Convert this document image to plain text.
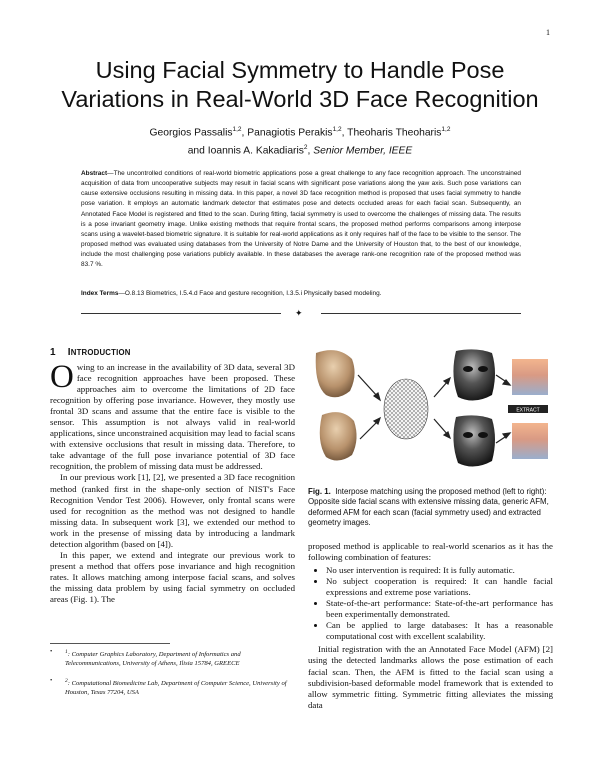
1
Using Facial Symmetry to Handle Pose
Variations in Real-World 3D Face Recognition
Georgios Passalis$^{1,2}$, Panagiotis Perakis$^{1,2}$, Theoharis Theoharis$^{1,2}$
and Ioannis A. Kakadiaris$^2$, Senior Member, IEEE
Abstract—The uncontrolled conditions of real-world biometric applications pose a great challenge to any face recognition approach. The unconstrained acquisition of data from uncooperative subjects may result in facial scans with significant pose variations along the yaw axis. Such pose variations can cause extensive occlusions resulting in missing data. In this paper, a novel 3D face recognition method is proposed that uses facial symmetry to handle pose variation. It employs an automatic landmark detector that estimates pose and detects occluded areas for each facial scan. Subsequently, an Annotated Face Model is registered and fitted to the scan. During fitting, facial symmetry is used to overcome the challenges of missing data. The results is a pose invariant geometry image. Unlike existing methods that require frontal scans, the proposed method performs comparisons among interpose scans using a wavelet-based biometric signature. It is suitable for real-world applications as it only requires half of the face to be visible to the sensor. The proposed method was evaluated using databases from the University of Notre Dame and the University of Houston that, to the best of our knowledge, include the most challenging pose variations publicly available. In these databases the average rank-one recognition rate of the proposed method was 83.7 %.
Index Terms—O.8.13 Biometrics, I.5.4.d Face and gesture recognition, I.3.5.i Physically based modeling.
✦
1 INTRODUCTION

Owing to an increase in the availability of 3D data, several 3D face recognition approaches have been proposed. These approaches aim to overcome the limitations of 2D face recognition by offering pose invariance. However, they mostly use frontal 3D scans and assume that the entire face is visible to the sensor. This assumption is not always valid in real-world applications, since unconstrained acquisition may lead to facial scans with extensive occlusions that result in missing data. Therefore, to take advantage of the full pose invariance potential of 3D face recognition, the problem of missing data must be addressed.

In our previous work [1], [2], we presented a 3D face recognition method (ranked first in the shape-only section of NIST's Face Recognition Vendor Test 2006). However, only frontal scans were used for recognition as the method was not designed to handle missing data. In subsequent work [3], we extended our method to work in the presense of missing data by introducing a landmark detection algorithm (based on [4]).

In this paper, we extend and integrate our previous work to present a method that offers pose invariance and high recognition rates. It allows matching among interpose facial scans, and solves the missing data problem by using facial symmetry on occluded areas (Fig. 1). The

• $^1$: Computer Graphics Laboratory, Department of Informatics and Telecommunications, University of Athens, Ilisia 15784, GREECE
• $^2$: Computational Biomedicine Lab, Department of Computer Science, University of Houston, Texas 77204, USA
EXTRACT
Fig. 1. Interpose matching using the proposed method (left to right): Opposite side facial scans with extensive missing data, generic AFM, deformed AFM for each scan (facial symmetry used) and extracted geometry images.

proposed method is applicable to real-world scenarios as it has the following combination of features:

• No user intervention is required: It is fully automatic.
• No subject cooperation is required: It can handle facial expressions and extreme pose variations.
• State-of-the-art performance: State-of-the-art performance has been experimentally demonstrated.
• Can be applied to large databases: It has a reasonable computational cost with excellent scalability.

Initial registration with the an Annotated Face Model (AFM) [2] using the detected landmarks allows the pose estimation of each facial scan. Then, the AFM is fitted to the facial scan using a subdivision-based deformable model framework that is extended to allow symmetric fitting. Symmetric fitting alleviates the missing data
